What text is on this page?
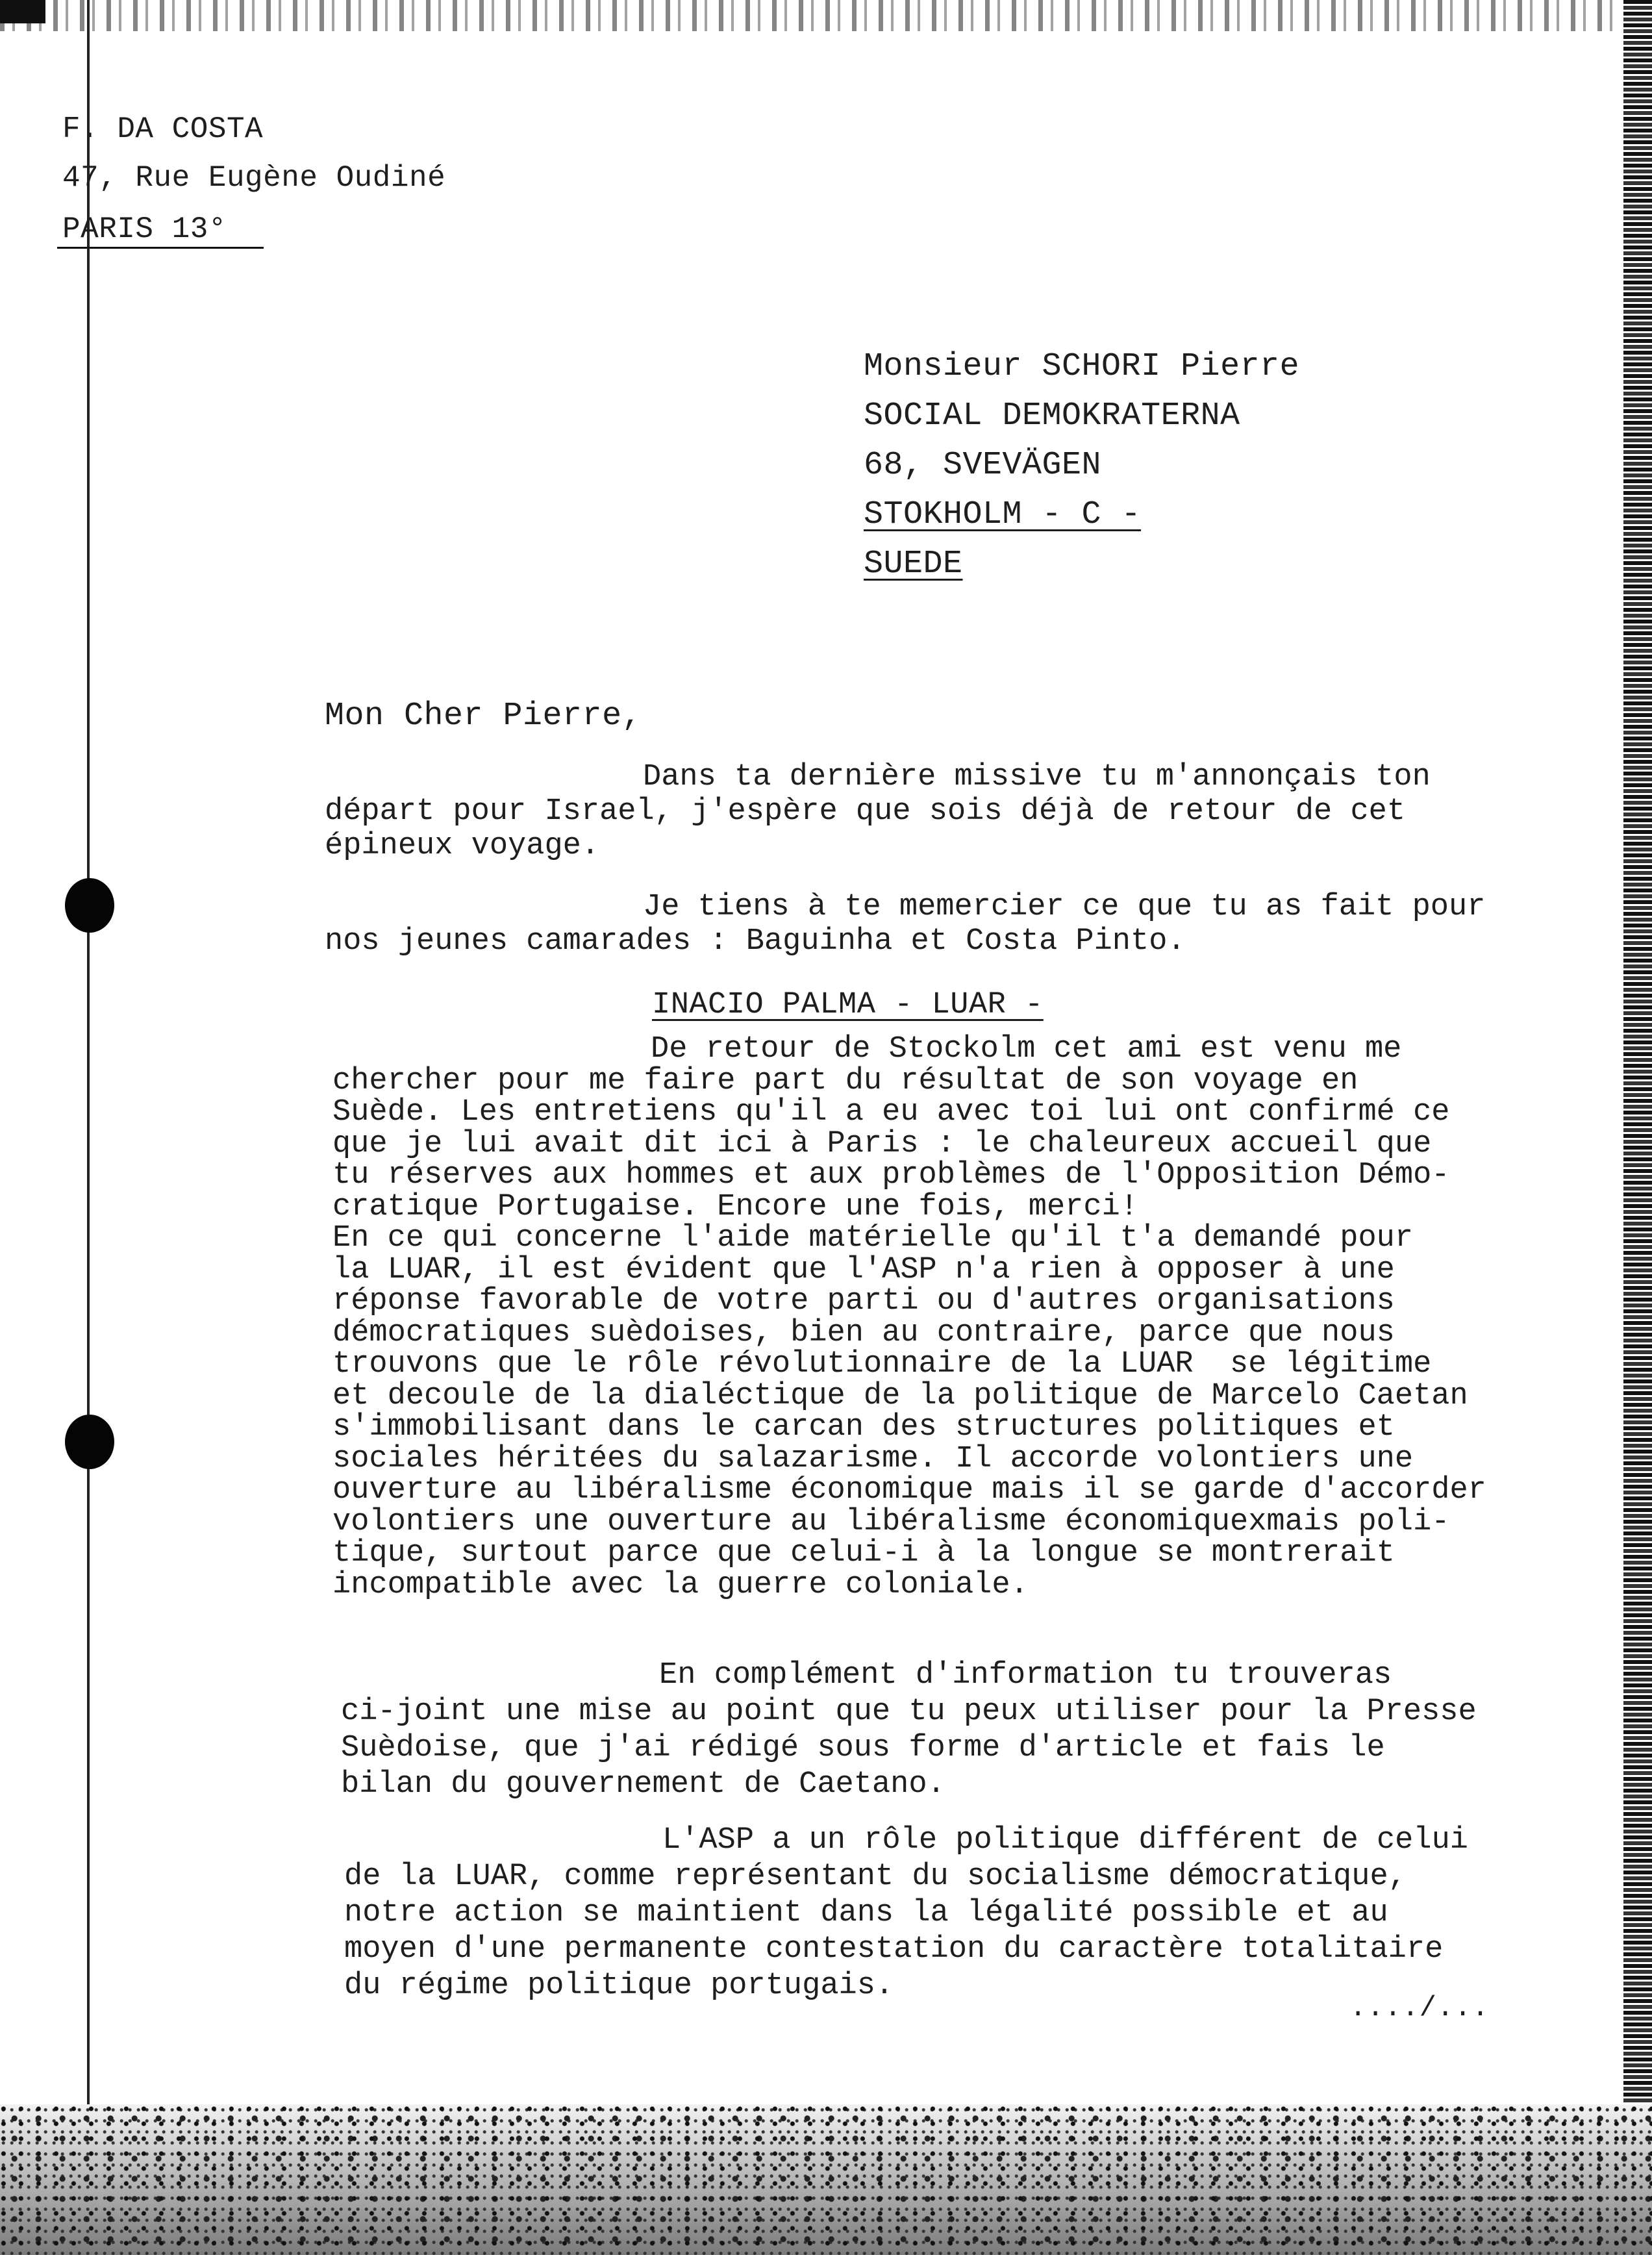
F. DA COSTA
47, Rue Eugène Oudiné
PARIS 13°
Monsieur SCHORI Pierre
SOCIAL DEMOKRATERNA
68, SVEVÄGEN
STOKHOLM - C -
SUEDE
Mon Cher Pierre,
Dans ta dernière missive tu m'annonçais ton
départ pour Israel, j'espère que sois déjà de retour de cet
épineux voyage.
Je tiens à te memercier ce que tu as fait pour
nos jeunes camarades : Baguinha et Costa Pinto.
INACIO PALMA - LUAR -
De retour de Stockolm cet ami est venu me
chercher pour me faire part du résultat de son voyage en
Suède. Les entretiens qu'il a eu avec toi lui ont confirmé ce
que je lui avait dit ici à Paris : le chaleureux accueil que
tu réserves aux hommes et aux problèmes de l'Opposition Démo-
cratique Portugaise. Encore une fois, merci!
En ce qui concerne l'aide matérielle qu'il t'a demandé pour
la LUAR, il est évident que l'ASP n'a rien à opposer à une
réponse favorable de votre parti ou d'autres organisations
démocratiques suèdoises, bien au contraire, parce que nous
trouvons que le rôle révolutionnaire de la LUAR  se légitime
et decoule de la dialéctique de la politique de Marcelo Caetan
s'immobilisant dans le carcan des structures politiques et
sociales héritées du salazarisme. Il accorde volontiers une
ouverture au libéralisme économique mais il se garde d'accorder
volontiers une ouverture au libéralisme économiquexmais poli-
tique, surtout parce que celui-i à la longue se montrerait
incompatible avec la guerre coloniale.
En complément d'information tu trouveras
ci-joint une mise au point que tu peux utiliser pour la Presse
Suèdoise, que j'ai rédigé sous forme d'article et fais le
bilan du gouvernement de Caetano.
L'ASP a un rôle politique différent de celui
de la LUAR, comme représentant du socialisme démocratique,
notre action se maintient dans la légalité possible et au
moyen d'une permanente contestation du caractère totalitaire
du régime politique portugais.
..../...
